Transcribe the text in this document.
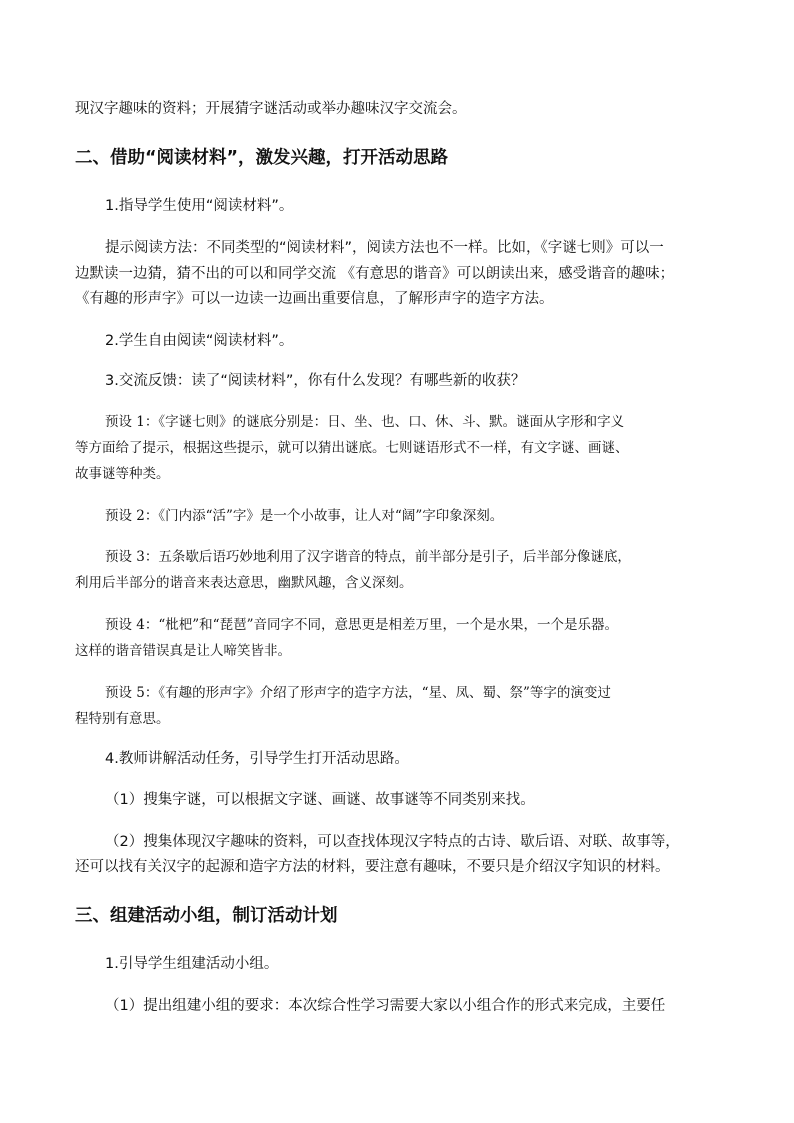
现汉字趣味的资料；开展猜字谜活动或举办趣味汉字交流会。
二、借助“阅读材料”，激发兴趣，打开活动思路
1.指导学生使用“阅读材料”。
提示阅读方法：不同类型的“阅读材料”，阅读方法也不一样。比如，《字谜七则》可以一
边默读一边猜，猜不出的可以和同学交流 《有意思的谐音》可以朗读出来，感受谐音的趣味；
《有趣的形声字》可以一边读一边画出重要信息，了解形声字的造字方法。
2.学生自由阅读“阅读材料”。
3.交流反馈：读了“阅读材料”，你有什么发现？有哪些新的收获？
预设 1：《字谜七则》的谜底分别是：日、坐、也、口、休、斗、默。谜面从字形和字义
等方面给了提示，根据这些提示，就可以猜出谜底。七则谜语形式不一样，有文字谜、画谜、
故事谜等种类。
预设 2：《门内添“活”字》是一个小故事，让人对“阔”字印象深刻。
预设 3：五条歇后语巧妙地利用了汉字谐音的特点，前半部分是引子，后半部分像谜底，
利用后半部分的谐音来表达意思，幽默风趣，含义深刻。
预设 4：“枇杷”和“琵琶”音同字不同，意思更是相差万里，一个是水果，一个是乐器。
这样的谐音错误真是让人啼笑皆非。
预设 5：《有趣的形声字》介绍了形声字的造字方法，“星、凤、蜀、祭”等字的演变过
程特别有意思。
4.教师讲解活动任务，引导学生打开活动思路。
（1）搜集字谜，可以根据文字谜、画谜、故事谜等不同类别来找。
（2）搜集体现汉字趣味的资料，可以查找体现汉字特点的古诗、歇后语、对联、故事等，
还可以找有关汉字的起源和造字方法的材料，要注意有趣味，不要只是介绍汉字知识的材料。
三、组建活动小组，制订活动计划
1.引导学生组建活动小组。
（1）提出组建小组的要求：本次综合性学习需要大家以小组合作的形式来完成，主要任
